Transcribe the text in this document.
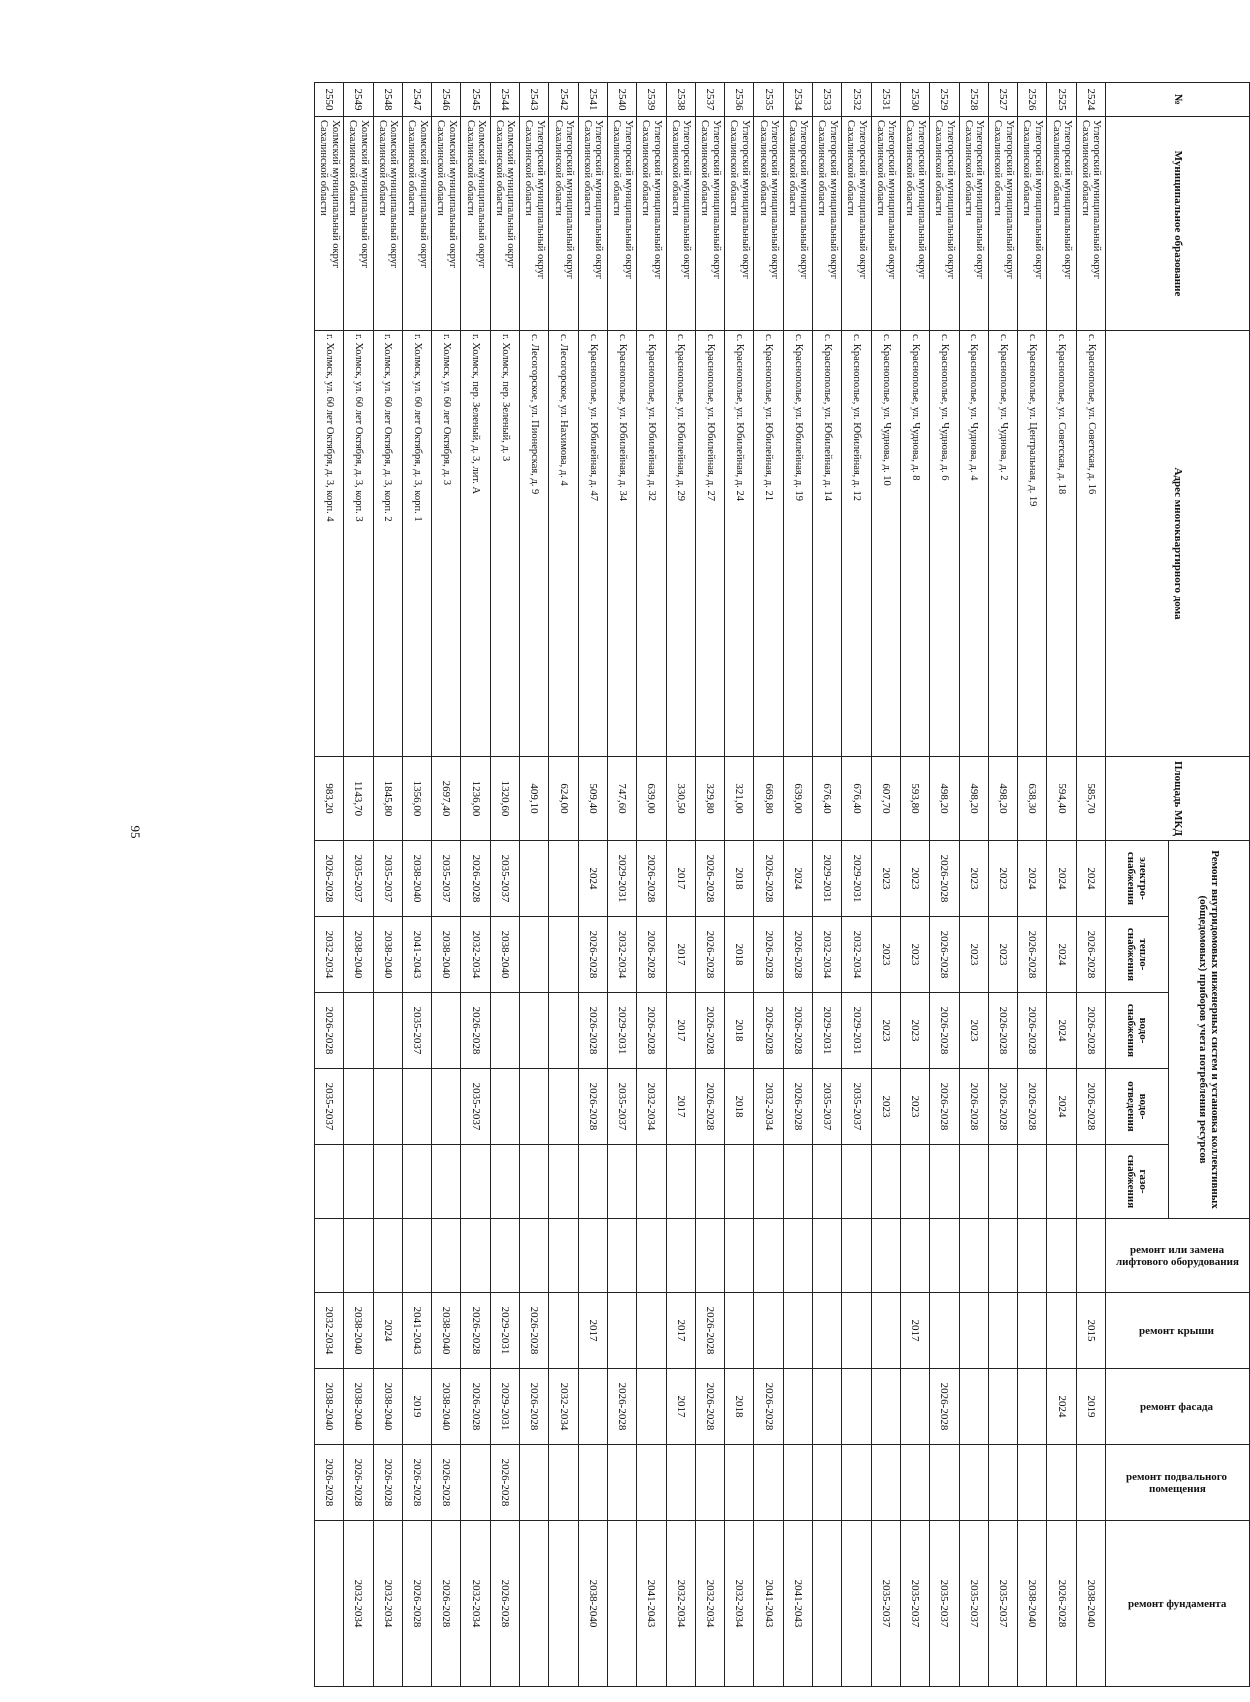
95
№	Муниципальное образование	Адрес многоквартирного дома	Площадь МКД	Ремонт внутридомовых инженерных систем и установка коллективных (общедомовых) приборов учета потребления ресурсов					ремонт или замена лифтового оборудования	ремонт крыши	ремонт фасада	ремонт подвального помещения	ремонт фундамента
				электро-снабжения	тепло-снабжения	водо-снабжения	водо-отведения	газо-снабжения					
2524	Углегорский муниципальный округ Сахалинской области	с. Краснополье, ул. Советская, д. 16	585,70	2024	2026-2028	2026-2028	2026-2028			2015	2019		2038-2040
2525	Углегорский муниципальный округ Сахалинской области	с. Краснополье, ул. Советская, д. 18	594,40	2024	2024	2024	2024				2024		2026-2028
2526	Углегорский муниципальный округ Сахалинской области	с. Краснополье, ул. Центральная, д. 19	638,30	2024	2026-2028	2026-2028	2026-2028						2038-2040
2527	Углегорский муниципальный округ Сахалинской области	с. Краснополье, ул. Чуднова, д. 2	498,20	2023	2023	2026-2028	2026-2028						2035-2037
2528	Углегорский муниципальный округ Сахалинской области	с. Краснополье, ул. Чуднова, д. 4	498,20	2023	2023	2023	2026-2028						2035-2037
2529	Углегорский муниципальный округ Сахалинской области	с. Краснополье, ул. Чуднова, д. 6	498,20	2026-2028	2026-2028	2026-2028	2026-2028				2026-2028		2035-2037
2530	Углегорский муниципальный округ Сахалинской области	с. Краснополье, ул. Чуднова, д. 8	593,80	2023	2023	2023	2023			2017			2035-2037
2531	Углегорский муниципальный округ Сахалинской области	с. Краснополье, ул. Чуднова, д. 10	607,70	2023	2023	2023	2023						2035-2037
2532	Углегорский муниципальный округ Сахалинской области	с. Краснополье, ул. Юбилейная, д. 12	676,40	2029-2031	2032-2034	2029-2031	2035-2037						
2533	Углегорский муниципальный округ Сахалинской области	с. Краснополье, ул. Юбилейная, д. 14	676,40	2029-2031	2032-2034	2029-2031	2035-2037						
2534	Углегорский муниципальный округ Сахалинской области	с. Краснополье, ул. Юбилейная, д. 19	639,00	2024	2026-2028	2026-2028	2026-2028						2041-2043
2535	Углегорский муниципальный округ Сахалинской области	с. Краснополье, ул. Юбилейная, д. 21	669,80	2026-2028	2026-2028	2026-2028	2032-2034				2026-2028		2041-2043
2536	Углегорский муниципальный округ Сахалинской области	с. Краснополье, ул. Юбилейная, д. 24	321,00	2018	2018	2018	2018				2018		2032-2034
2537	Углегорский муниципальный округ Сахалинской области	с. Краснополье, ул. Юбилейная, д. 27	329,80	2026-2028	2026-2028	2026-2028	2026-2028			2026-2028	2026-2028		2032-2034
2538	Углегорский муниципальный округ Сахалинской области	с. Краснополье, ул. Юбилейная, д. 29	330,50	2017	2017	2017	2017			2017	2017		2032-2034
2539	Углегорский муниципальный округ Сахалинской области	с. Краснополье, ул. Юбилейная, д. 32	639,00	2026-2028	2026-2028	2026-2028	2032-2034						2041-2043
2540	Углегорский муниципальный округ Сахалинской области	с. Краснополье, ул. Юбилейная, д. 34	747,60	2029-2031	2032-2034	2029-2031	2035-2037				2026-2028		
2541	Углегорский муниципальный округ Сахалинской области	с. Краснополье, ул. Юбилейная, д. 47	509,40	2024	2026-2028	2026-2028	2026-2028			2017			2038-2040
2542	Углегорский муниципальный округ Сахалинской области	с. Лесогорское, ул. Нахимова, д. 4	624,00								2032-2034		
2543	Углегорский муниципальный округ Сахалинской области	с. Лесогорское, ул. Пионерская, д. 9	409,10							2026-2028	2026-2028		
2544	Холмский муниципальный округ Сахалинской области	г. Холмск, пер. Зеленый, д. 3	1320,60	2035-2037	2038-2040					2029-2031	2029-2031	2026-2028	2026-2028
2545	Холмский муниципальный округ Сахалинской области	г. Холмск, пер. Зеленый, д. 3, лит. А	1236,00	2026-2028	2032-2034	2026-2028	2035-2037			2026-2028	2026-2028		2032-2034
2546	Холмский муниципальный округ Сахалинской области	г. Холмск, ул. 60 лет Октября, д. 3	2697,40	2035-2037	2038-2040					2038-2040	2038-2040	2026-2028	2026-2028
2547	Холмский муниципальный округ Сахалинской области	г. Холмск, ул. 60 лет Октября, д. 3, корп. 1	1356,00	2038-2040	2041-2043	2035-2037				2041-2043	2019	2026-2028	2026-2028
2548	Холмский муниципальный округ Сахалинской области	г. Холмск, ул. 60 лет Октября, д. 3, корп. 2	1845,80	2035-2037	2038-2040					2024	2038-2040	2026-2028	2032-2034
2549	Холмский муниципальный округ Сахалинской области	г. Холмск, ул. 60 лет Октября, д. 3, корп. 3	1143,70	2035-2037	2038-2040					2038-2040	2038-2040	2026-2028	2032-2034
2550	Холмский муниципальный округ Сахалинской области	г. Холмск, ул. 60 лет Октября, д. 3, корп. 4	983,20	2026-2028	2032-2034	2026-2028	2035-2037			2032-2034	2038-2040	2026-2028	
